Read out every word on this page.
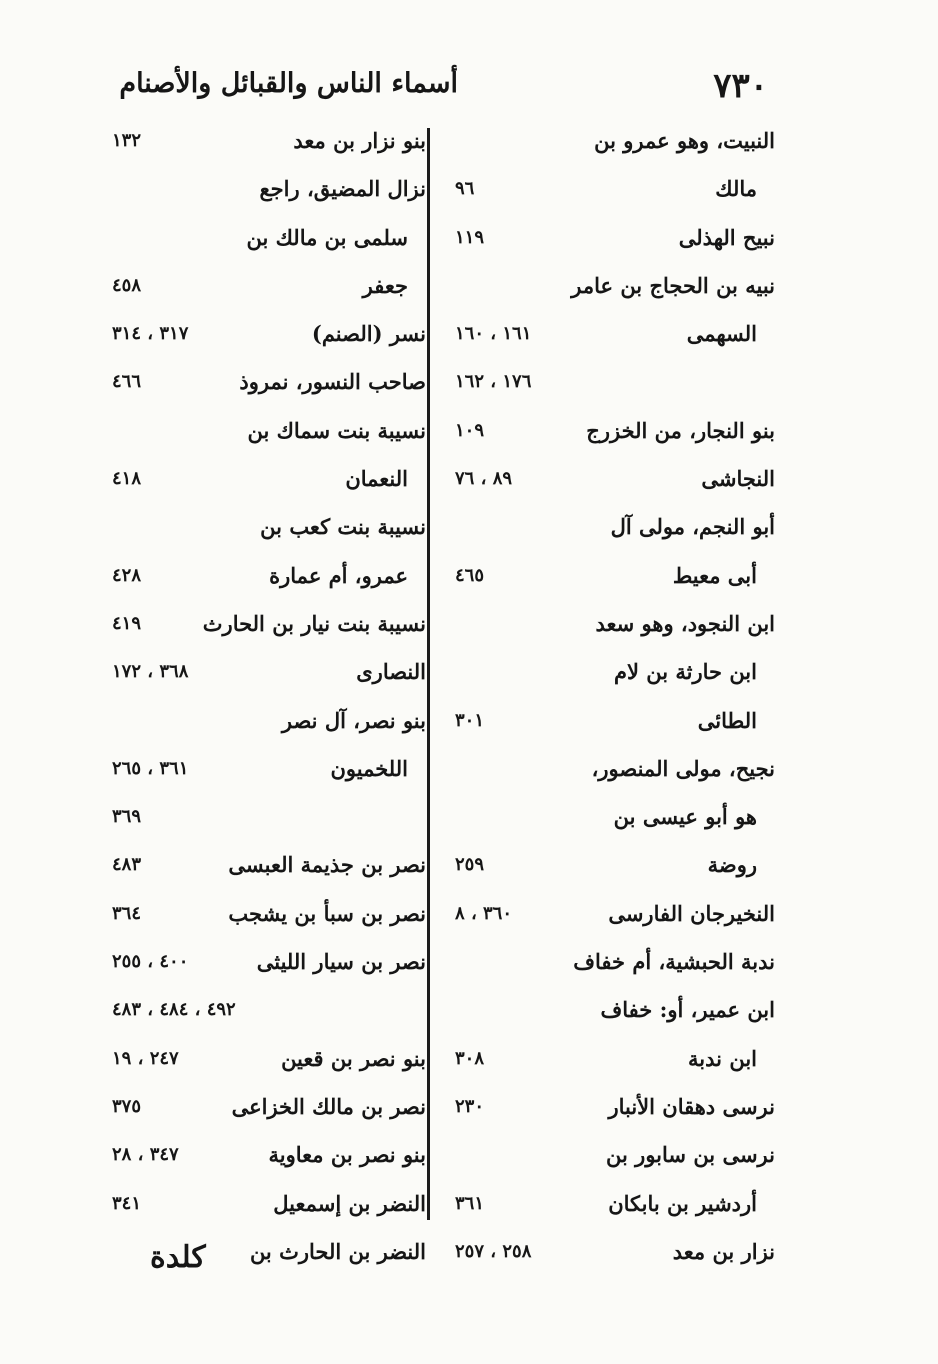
أسماء الناس والقبائل والأصنام	٧٣٠
النبيت، وهو عمرو بن
مالك
٩٦
نبيح الهذلى
١١٩
نبيه بن الحجاج بن عامر
السهمى
١٦١ ، ١٦٠
١٧٦ ، ١٦٢
بنو النجار، من الخزرج
١٠٩
النجاشى
٨٩ ، ٧٦
أبو النجم، مولى آل
أبى معيط
٤٦٥
ابن النجود، وهو سعد
ابن حارثة بن لام
الطائى
٣٠١
نجيح، مولى المنصور،
هو أبو عيسى بن
روضة
٢٥٩
النخيرجان الفارسى
٣٦٠ ، ٨
ندبة الحبشية، أم خفاف
ابن عمير، أو: خفاف
ابن ندبة
٣٠٨
نرسى دهقان الأنبار
٢٣٠
نرسى بن سابور بن
أردشير بن بابكان
٣٦١
نزار بن معد
٢٥٨ ، ٢٥٧
بنو نزار بن معد
١٣٢
نزال المضيق، راجع
سلمى بن مالك بن
جعفر
٤٥٨
نسر (الصنم)
٣١٧ ، ٣١٤
صاحب النسور، نمروذ
٤٦٦
نسيبة بنت سماك بن
النعمان
٤١٨
نسيبة بنت كعب بن
عمرو، أم عمارة
٤٢٨
نسيبة بنت نيار بن الحارث
٤١٩
النصارى
٣٦٨ ، ١٧٢
بنو نصر، آل نصر
اللخميون
٣٦١ ، ٢٦٥
٣٦٩
نصر بن جذيمة العبسى
٤٨٣
نصر بن سبأ بن يشجب
٣٦٤
نصر بن سيار الليثى
٤٠٠ ، ٢٥٥
٤٩٢ ، ٤٨٤ ، ٤٨٣
بنو نصر بن قعين
٢٤٧ ، ١٩
نصر بن مالك الخزاعى
٣٧٥
بنو نصر بن معاوية
٣٤٧ ، ٢٨
النضر بن إسمعيل
٣٤١
النضر بن الحارث بن
كلدة
